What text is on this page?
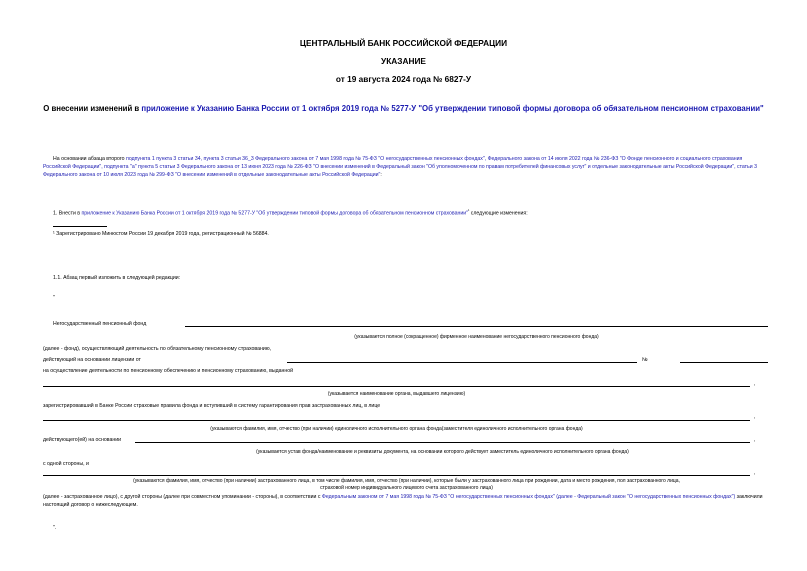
ЦЕНТРАЛЬНЫЙ БАНК РОССИЙСКОЙ ФЕДЕРАЦИИ
УКАЗАНИЕ
от 19 августа 2024 года № 6827-У
О внесении изменений в приложение к Указанию Банка России от 1 октября 2019 года № 5277-У "Об утверждении типовой формы договора об обязательном пенсионном страховании"
На основании абзаца второго подпункта 1 пункта 3 статьи 34, пункта 3 статьи 36_3 Федерального закона от 7 мая 1998 года № 75-ФЗ "О негосударственных пенсионных фондах", Федерального закона от 14 июля 2022 года № 236-ФЗ "О Фонде пенсионного и социального страхования Российской Федерации", подпункта "а" пункта 5 статьи 3 Федерального закона от 13 июня 2023 года № 226-ФЗ "О внесении изменений в Федеральный закон "Об уполномоченном по правам потребителей финансовых услуг" и отдельные законодательные акты Российской Федерации", статьи 3 Федерального закона от 10 июля 2023 года № 299-ФЗ "О внесении изменений в отдельные законодательные акты Российской Федерации":
1. Внести в приложение к Указанию Банка России от 1 октября 2019 года № 5277-У "Об утверждении типовой формы договора об обязательном пенсионном страховании"$^{^1}$ следующие изменения:
¹ Зарегистрировано Минюстом России 19 декабря 2019 года, регистрационный № 56884.
1.1. Абзац первый изложить в следующей редакции:
"
Негосударственный пенсионный фонд
(указывается полное (сокращенное) фирменное наименование негосударственного пенсионного фонда)
(далее - фонд), осуществляющий деятельность по обязательному пенсионному страхованию,
действующий на основании лицензии от	№
на осуществление деятельности по пенсионному обеспечению и пенсионному страхованию, выданной
,
(указывается наименование органа, выдавшего лицензию)
зарегистрировавший в Банке России страховые правила фонда и вступивший в систему гарантирования прав застрахованных лиц, в лице
,
(указываются фамилия, имя, отчество (при наличии) единоличного исполнительного органа фонда(заместителя единоличного исполнительного органа фонда)
действующего(ей) на основании	,
(указывается устав фонда/наименование и реквизиты документа, на основании которого действует заместитель единоличного исполнительного органа фонда)
с одной стороны, и
,
(указываются фамилия, имя, отчество (при наличии) застрахованного лица, в том числе фамилия, имя, отчество (при наличии), которые были у застрахованного лица при рождении, дата и место рождения, пол застрахованного лица,
страховой номер индивидуального лицевого счета застрахованного лица)
(далее - застрахованное лицо), с другой стороны (далее при совместном упоминании - стороны), в соответствии с Федеральным законом от 7 мая 1998 года № 75-ФЗ "О негосударственных пенсионных фондах" (далее - Федеральный закон "О негосударственных пенсионных фондах") заключили настоящий договор о нижеследующем.
".
